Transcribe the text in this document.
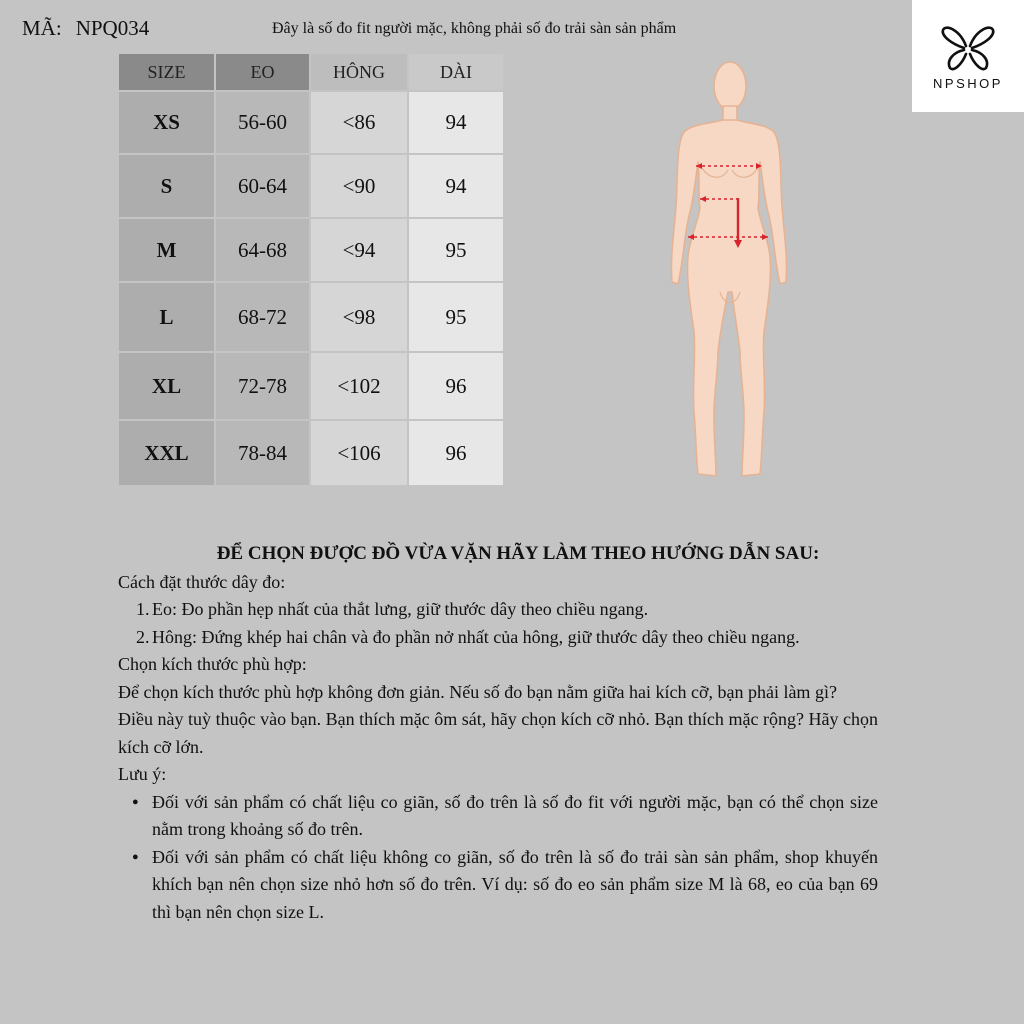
MÃ: NPQ034	Đây là số đo fit người mặc, không phải số đo trải sàn sản phẩm
NPSHOP
SIZE	EO	HÔNG	DÀI
XS	56-60	<86	94
S	60-64	<90	94
M	64-68	<94	95
L	68-72	<98	95
XL	72-78	<102	96
XXL	78-84	<106	96
ĐỂ CHỌN ĐƯỢC ĐỒ VỪA VẶN HÃY LÀM THEO HƯỚNG DẪN SAU:

Cách đặt thước dây đo:

1. Eo: Đo phần hẹp nhất của thắt lưng, giữ thước dây theo chiều ngang.
2. Hông: Đứng khép hai chân và đo phần nở nhất của hông, giữ thước dây theo chiều ngang.

Chọn kích thước phù hợp:

Để chọn kích thước phù hợp không đơn giản. Nếu số đo bạn nằm giữa hai kích cỡ, bạn phải làm gì?

Điều này tuỳ thuộc vào bạn. Bạn thích mặc ôm sát, hãy chọn kích cỡ nhỏ. Bạn thích mặc rộng? Hãy chọn kích cỡ lớn.

Lưu ý:

● Đối với sản phẩm có chất liệu co giãn, số đo trên là số đo fit với người mặc, bạn có thể chọn size nằm trong khoảng số đo trên.
● Đối với sản phẩm có chất liệu không co giãn, số đo trên là số đo trải sàn sản phẩm, shop khuyến khích bạn nên chọn size nhỏ hơn số đo trên. Ví dụ: số đo eo sản phẩm size M là 68, eo của bạn 69 thì bạn nên chọn size L.
